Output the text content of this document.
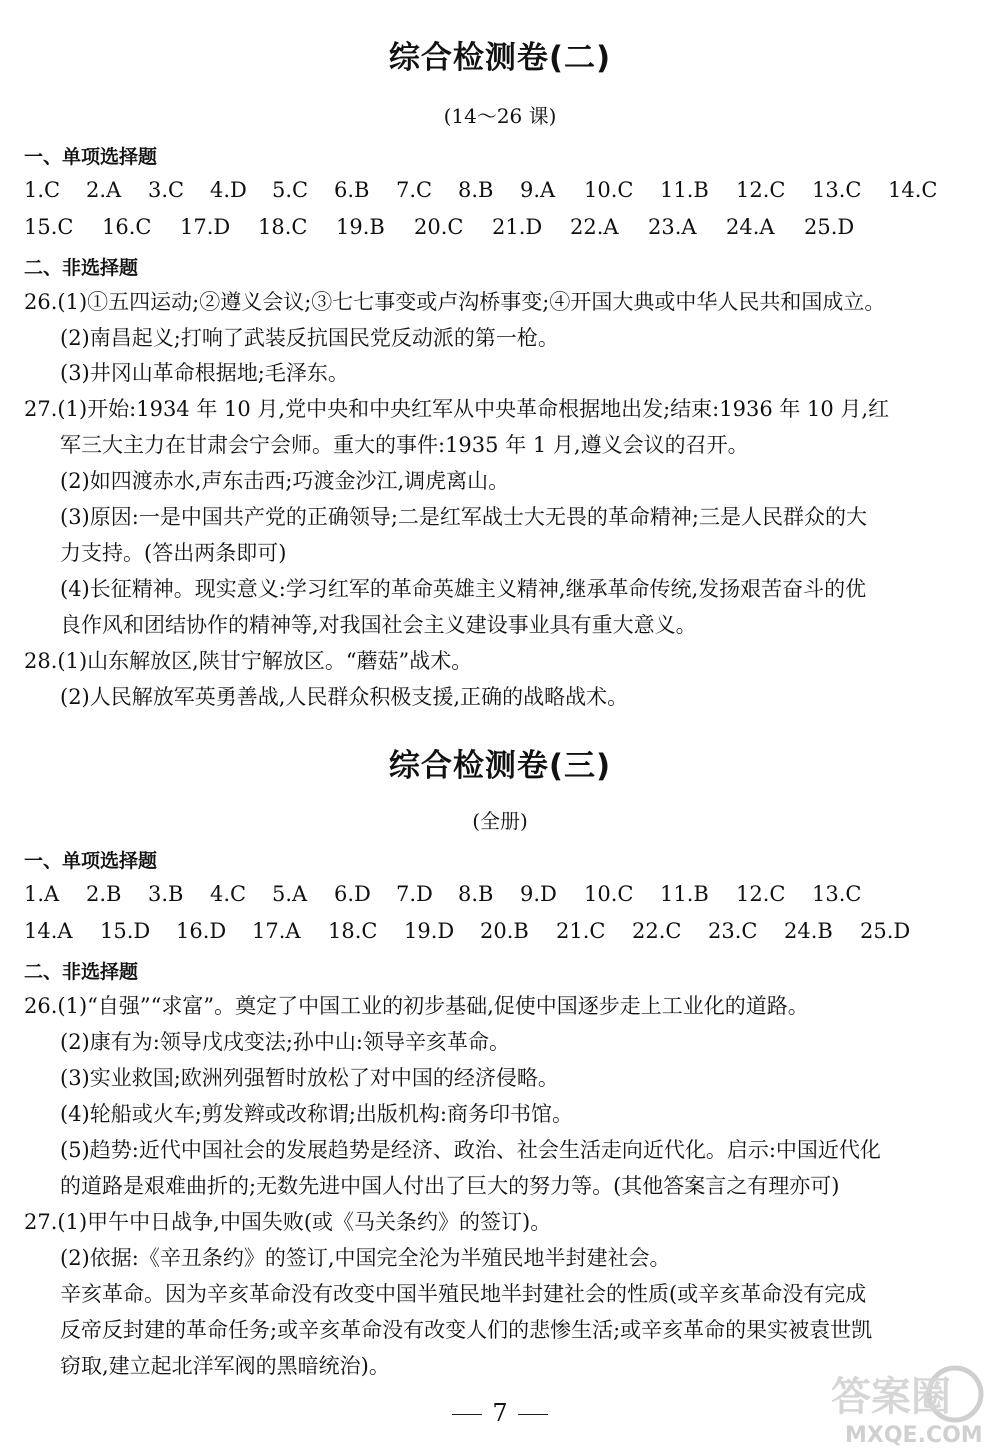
综合检测卷(二)
(14～26 课)
一、单项选择题
1.C 2.A 3.C 4.D 5.C 6.B 7.C 8.B 9.A 10.C 11.B 12.C 13.C 14.C
15.C 16.C 17.D 18.C 19.B 20.C 21.D 22.A 23.A 24.A 25.D
二、非选择题
26.(1)①五四运动;②遵义会议;③七七事变或卢沟桥事变;④开国大典或中华人民共和国成立。
(2)南昌起义;打响了武装反抗国民党反动派的第一枪。
(3)井冈山革命根据地;毛泽东。
27.(1)开始:1934 年 10 月,党中央和中央红军从中央革命根据地出发;结束:1936 年 10 月,红
军三大主力在甘肃会宁会师。重大的事件:1935 年 1 月,遵义会议的召开。
(2)如四渡赤水,声东击西;巧渡金沙江,调虎离山。
(3)原因:一是中国共产党的正确领导;二是红军战士大无畏的革命精神;三是人民群众的大
力支持。(答出两条即可)
(4)长征精神。现实意义:学习红军的革命英雄主义精神,继承革命传统,发扬艰苦奋斗的优
良作风和团结协作的精神等,对我国社会主义建设事业具有重大意义。
28.(1)山东解放区,陕甘宁解放区。“蘑菇”战术。
(2)人民解放军英勇善战,人民群众积极支援,正确的战略战术。
综合检测卷(三)
(全册)
一、单项选择题
1.A 2.B 3.B 4.C 5.A 6.D 7.D 8.B 9.D 10.C 11.B 12.C 13.C
14.A 15.D 16.D 17.A 18.C 19.D 20.B 21.C 22.C 23.C 24.B 25.D
二、非选择题
26.(1)“自强”“求富”。奠定了中国工业的初步基础,促使中国逐步走上工业化的道路。
(2)康有为:领导戊戌变法;孙中山:领导辛亥革命。
(3)实业救国;欧洲列强暂时放松了对中国的经济侵略。
(4)轮船或火车;剪发辫或改称谓;出版机构:商务印书馆。
(5)趋势:近代中国社会的发展趋势是经济、政治、社会生活走向近代化。启示:中国近代化
的道路是艰难曲折的;无数先进中国人付出了巨大的努力等。(其他答案言之有理亦可)
27.(1)甲午中日战争,中国失败(或《马关条约》的签订)。
(2)依据:《辛丑条约》的签订,中国完全沦为半殖民地半封建社会。
辛亥革命。因为辛亥革命没有改变中国半殖民地半封建社会的性质(或辛亥革命没有完成
反帝反封建的革命任务;或辛亥革命没有改变人们的悲惨生活;或辛亥革命的果实被袁世凯
窃取,建立起北洋军阀的黑暗统治)。
7	答案圈
MXQE.COM
